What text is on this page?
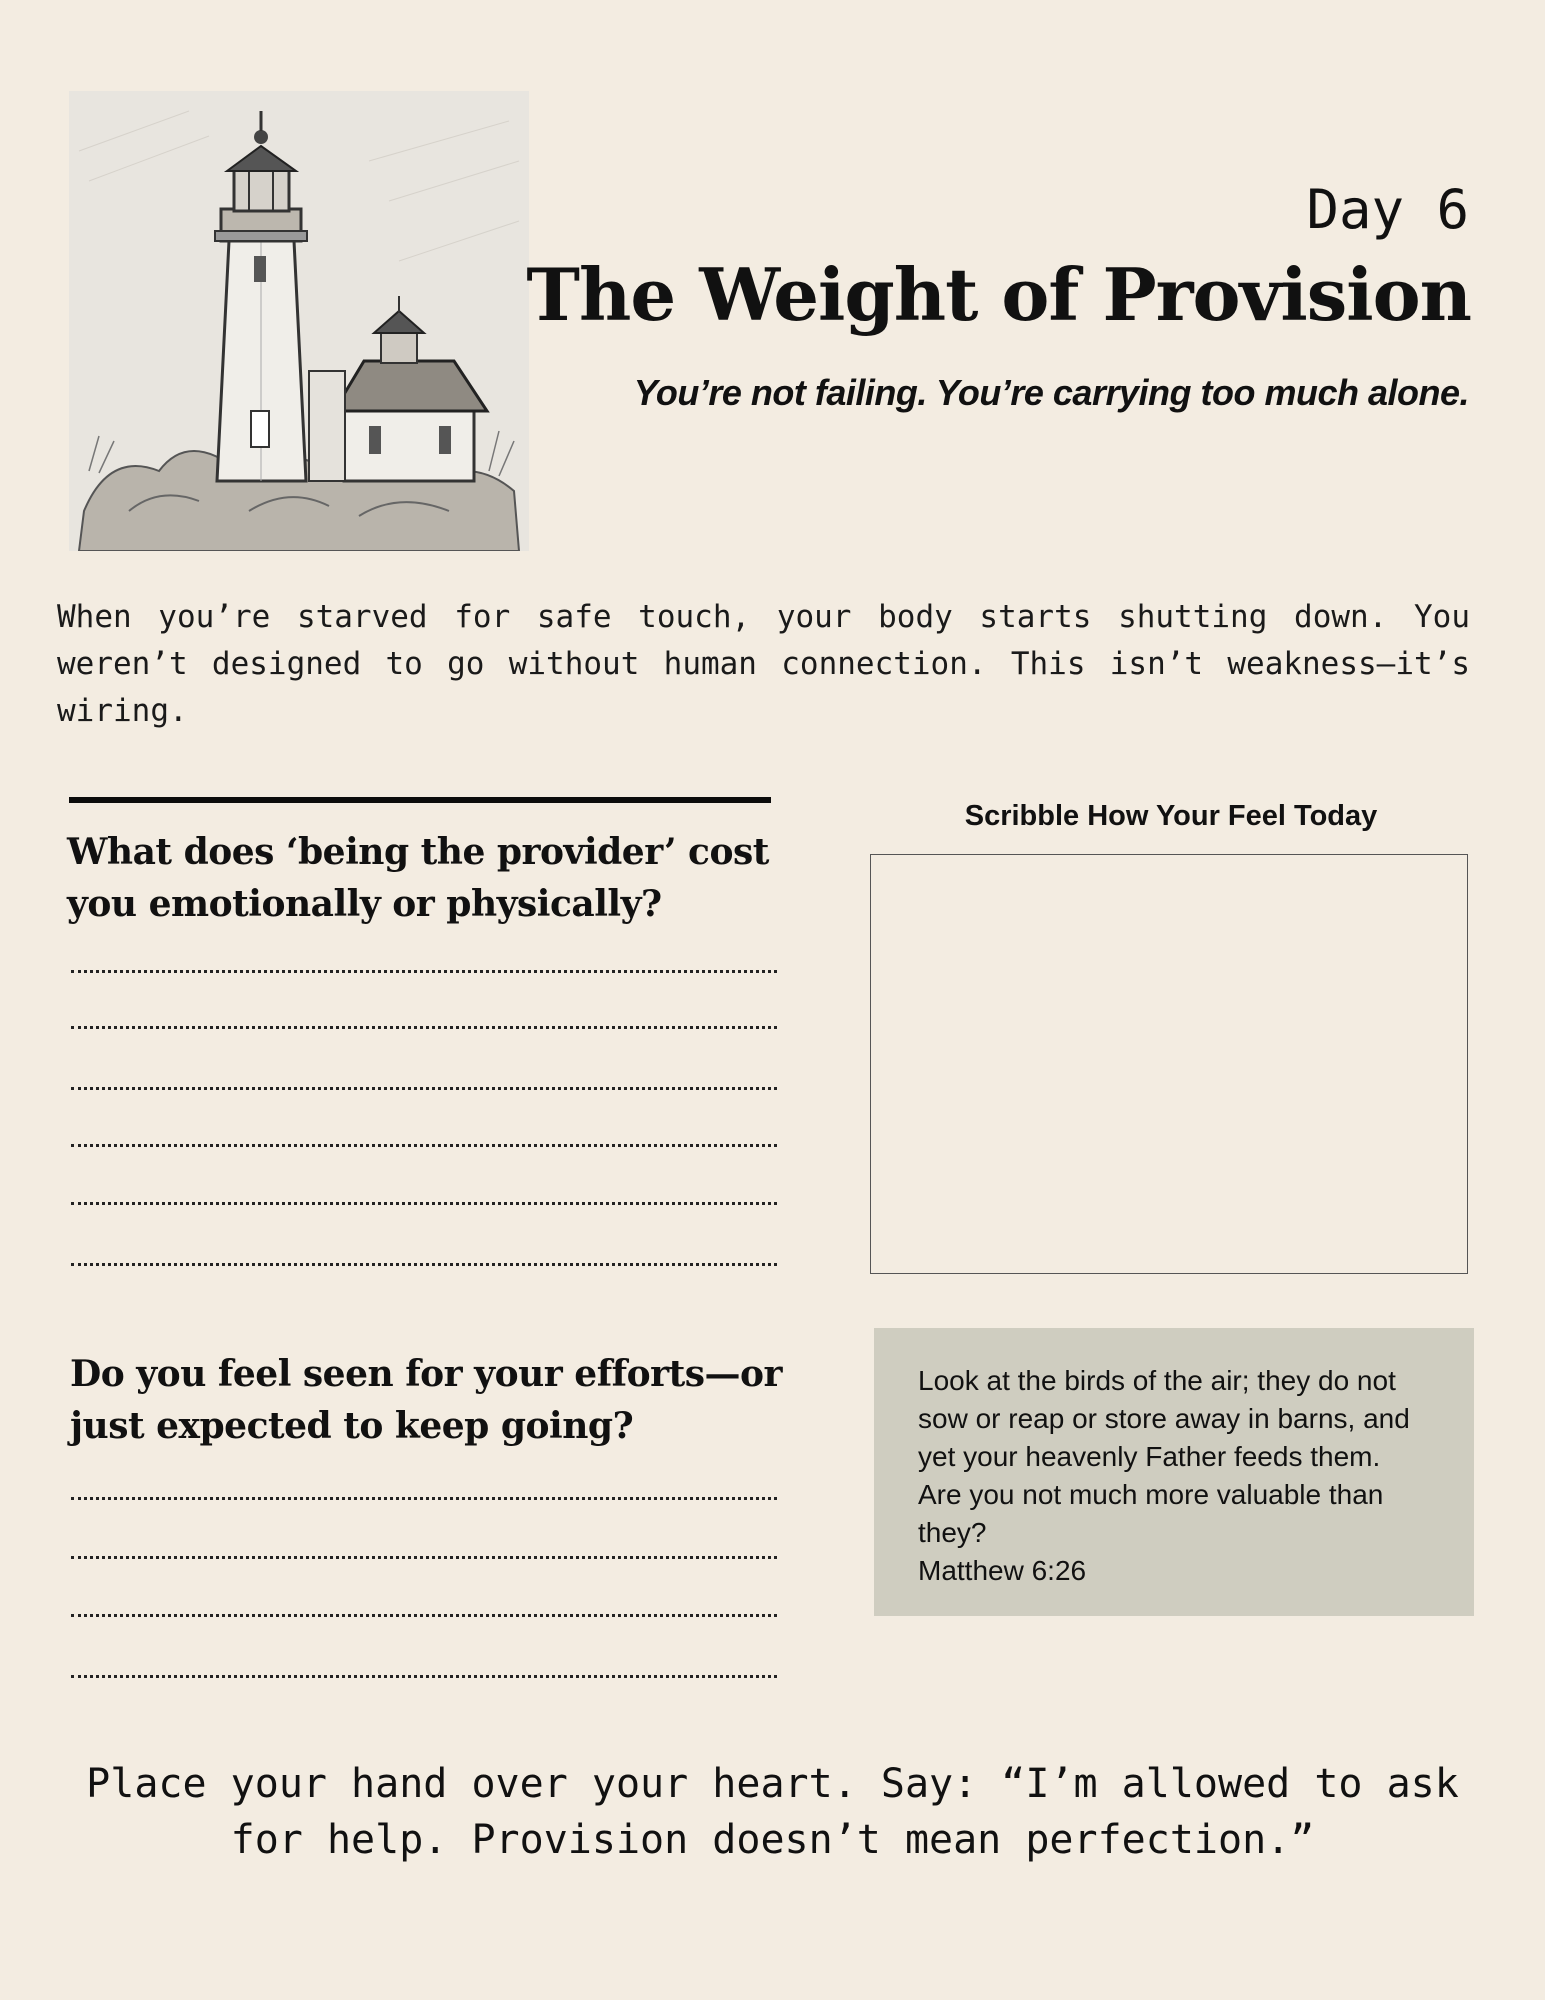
Day 6
The Weight of Provision
You’re not failing. You’re carrying too much alone.
When you’re starved for safe touch, your body starts shutting down. You weren’t designed to go without human connection. This isn’t weakness—it’s wiring.
What does ‘being the provider’ cost you emotionally or physically?
Do you feel seen for your efforts—or just expected to keep going?
Scribble How Your Feel Today
Look at the birds of the air; they do not sow or reap or store away in barns, and yet your heavenly Father feeds them. Are you not much more valuable than they?
Matthew 6:26
Place your hand over your heart. Say: “I’m allowed to ask for help. Provision doesn’t mean perfection.”
